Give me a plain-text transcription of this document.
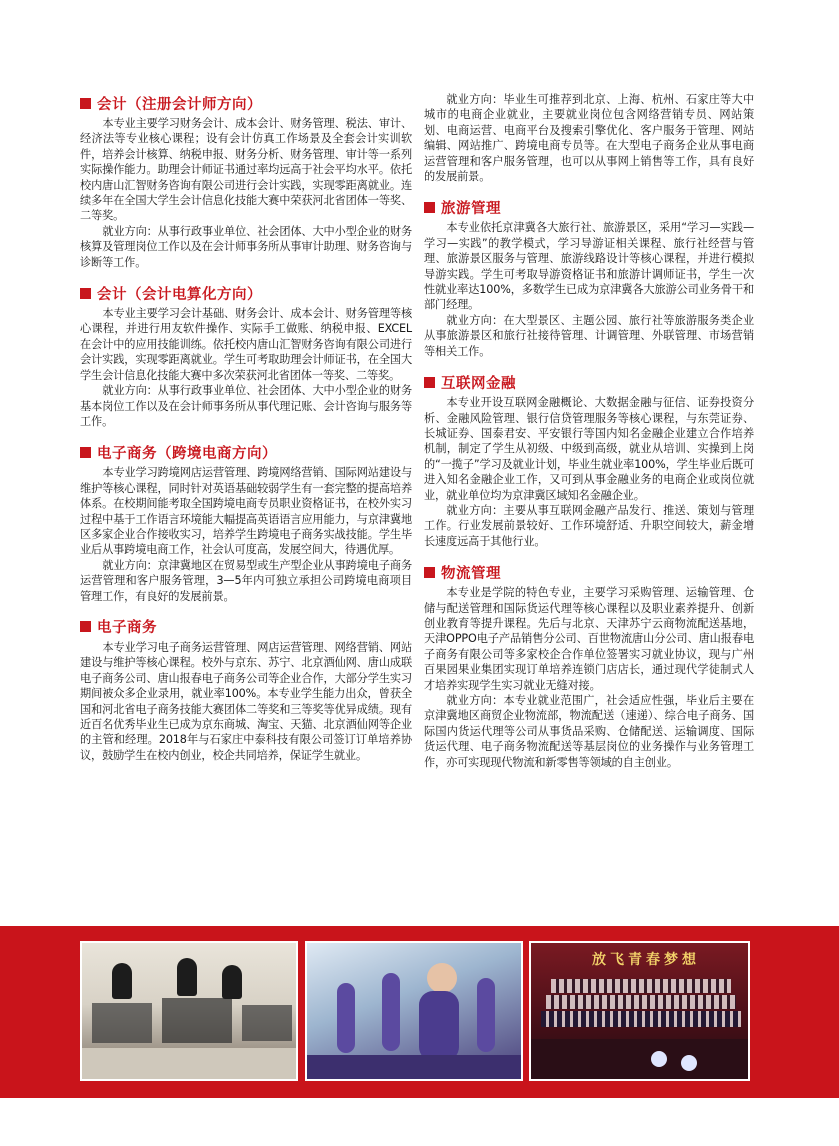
会计（注册会计师方向）

本专业主要学习财务会计、成本会计、财务管理、税法、审计、经济法等专业核心课程；设有会计仿真工作场景及全套会计实训软件，培养会计核算、纳税申报、财务分析、财务管理、审计等一系列实际操作能力。助理会计师证书通过率均远高于社会平均水平。依托校内唐山汇智财务咨询有限公司进行会计实践，实现零距离就业。连续多年在全国大学生会计信息化技能大赛中荣获河北省团体一等奖、二等奖。

就业方向：从事行政事业单位、社会团体、大中小型企业的财务核算及管理岗位工作以及在会计师事务所从事审计助理、财务咨询与诊断等工作。

会计（会计电算化方向）

本专业主要学习会计基础、财务会计、成本会计、财务管理等核心课程，并进行用友软件操作、实际手工做账、纳税申报、EXCEL在会计中的应用技能训练。依托校内唐山汇智财务咨询有限公司进行会计实践，实现零距离就业。学生可考取助理会计师证书，在全国大学生会计信息化技能大赛中多次荣获河北省团体一等奖、二等奖。

就业方向：从事行政事业单位、社会团体、大中小型企业的财务基本岗位工作以及在会计师事务所从事代理记账、会计咨询与服务等工作。

电子商务（跨境电商方向）

本专业学习跨境网店运营管理、跨境网络营销、国际网站建设与维护等核心课程，同时针对英语基础较弱学生有一套完整的提高培养体系。在校期间能考取全国跨境电商专员职业资格证书，在校外实习过程中基于工作语言环境能大幅提高英语语言应用能力，与京津冀地区多家企业合作接收实习，培养学生跨境电子商务实战技能。学生毕业后从事跨境电商工作，社会认可度高，发展空间大，待遇优厚。

就业方向：京津冀地区在贸易型或生产型企业从事跨境电子商务运营管理和客户服务管理，3—5年内可独立承担公司跨境电商项目管理工作，有良好的发展前景。

电子商务

本专业学习电子商务运营管理、网店运营管理、网络营销、网站建设与维护等核心课程。校外与京东、苏宁、北京酒仙网、唐山成联电子商务公司、唐山报春电子商务公司等企业合作，大部分学生实习期间被众多企业录用，就业率100%。本专业学生能力出众，曾获全国和河北省电子商务技能大赛团体二等奖和三等奖等优异成绩。现有近百名优秀毕业生已成为京东商城、淘宝、天猫、北京酒仙网等企业的主管和经理。2018年与石家庄中泰科技有限公司签订订单培养协议，鼓励学生在校内创业，校企共同培养，保证学生就业。

就业方向：毕业生可推荐到北京、上海、杭州、石家庄等大中城市的电商企业就业，主要就业岗位包含网络营销专员、网站策划、电商运营、电商平台及搜索引擎优化、客户服务于管理、网站编辑、网站推广、跨境电商专员等。在大型电子商务企业从事电商运营管理和客户服务管理，也可以从事网上销售等工作，具有良好的发展前景。

旅游管理

本专业依托京津冀各大旅行社、旅游景区，采用“学习—实践—学习—实践”的教学模式，学习导游证相关课程、旅行社经营与管理、旅游景区服务与管理、旅游线路设计等核心课程，并进行模拟导游实践。学生可考取导游资格证书和旅游计调师证书，学生一次性就业率达100%，多数学生已成为京津冀各大旅游公司业务骨干和部门经理。

就业方向：在大型景区、主题公园、旅行社等旅游服务类企业从事旅游景区和旅行社接待管理、计调管理、外联管理、市场营销等相关工作。

互联网金融

本专业开设互联网金融概论、大数据金融与征信、证券投资分析、金融风险管理、银行信贷管理服务等核心课程，与东莞证券、长城证券、国泰君安、平安银行等国内知名金融企业建立合作培养机制，制定了学生从初级、中级到高级，就业从培训、实操到上岗的“一揽子”学习及就业计划，毕业生就业率100%，学生毕业后既可进入知名金融企业工作，又可到从事金融业务的电商企业或岗位就业，就业单位均为京津冀区域知名金融企业。

就业方向：主要从事互联网金融产品发行、推送、策划与管理工作。行业发展前景较好、工作环境舒适、升职空间较大，薪金增长速度远高于其他行业。

物流管理

本专业是学院的特色专业，主要学习采购管理、运输管理、仓储与配送管理和国际货运代理等核心课程以及职业素养提升、创新创业教育等提升课程。先后与北京、天津苏宁云商物流配送基地，天津OPPO电子产品销售分公司、百世物流唐山分公司、唐山报春电子商务有限公司等多家校企合作单位签署实习就业协议，现与广州百果园果业集团实现订单培养连锁门店店长，通过现代学徒制式人才培养实现学生实习就业无缝对接。

就业方向：本专业就业范围广，社会适应性强，毕业后主要在京津冀地区商贸企业物流部，物流配送（速递）、综合电子商务、国际国内货运代理等公司从事货品采购、仓储配送、运输调度、国际货运代理、电子商务物流配送等基层岗位的业务操作与业务管理工作，亦可实现现代物流和新零售等领域的自主创业。

放飞青春梦想
